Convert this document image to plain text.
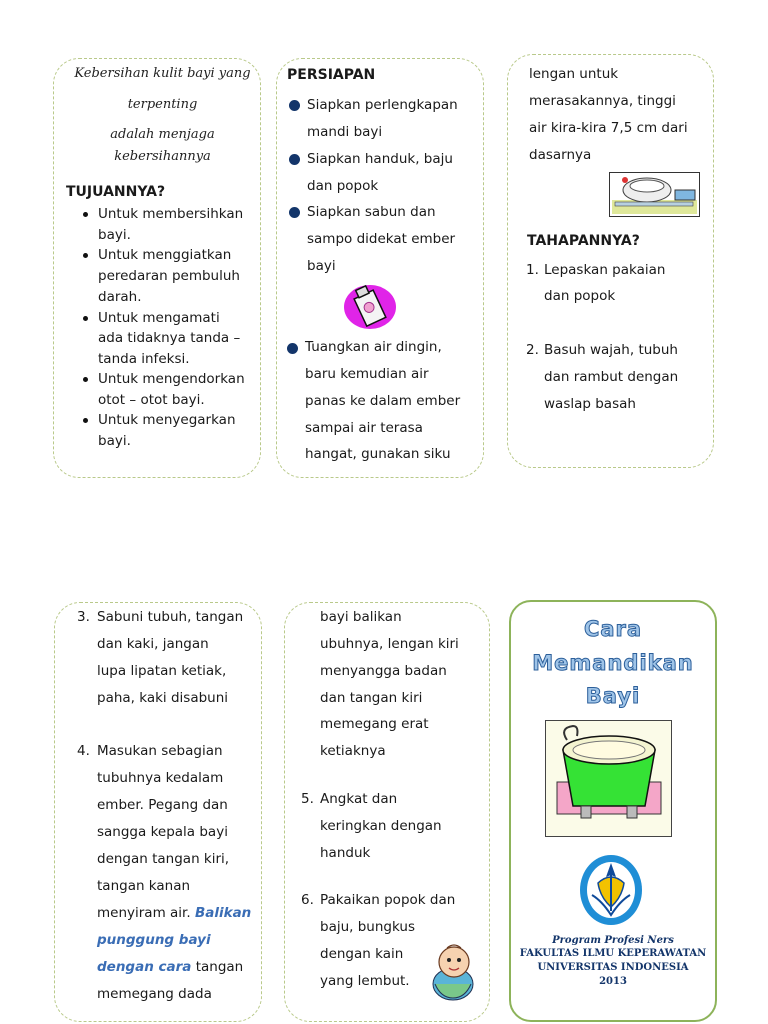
Kebersihan kulit bayi yang
terpenting
adalah menjaga
kebersihannya
TUJUANNYA?
Untuk membersihkan
bayi.
Untuk menggiatkan
peredaran pembuluh
darah.
Untuk mengamati
ada tidaknya tanda –
tanda infeksi.
Untuk mengendorkan
otot – otot bayi.
Untuk menyegarkan
bayi.
PERSIAPAN
Siapkan perlengkapan
mandi bayi
Siapkan handuk, baju
dan popok
Siapkan sabun dan
sampo didekat ember
bayi
Tuangkan air dingin,
baru kemudian air
panas ke dalam ember
sampai air terasa
hangat, gunakan siku
lengan untuk
merasakannya, tinggi
air kira-kira 7,5 cm dari
dasarnya
TAHAPANNYA?
1. Lepaskan pakaian
dan popok
2. Basuh wajah, tubuh
dan rambut dengan
waslap basah
3. Sabuni tubuh, tangan
dan kaki, jangan
lupa lipatan ketiak,
paha, kaki disabuni
4. Masukan sebagian
tubuhnya kedalam
ember. Pegang dan
sangga kepala bayi
dengan tangan kiri,
tangan kanan
menyiram air. Balikan
punggung bayi
dengan cara tangan
memegang dada
bayi balikan
ubuhnya, lengan kiri
menyangga badan
dan tangan kiri
memegang erat
ketiaknya
5. Angkat dan
keringkan dengan
handuk
6. Pakaikan popok dan
baju, bungkus
dengan kain
yang lembut.
Cara
Memandikan
Bayi
Program Profesi Ners
FAKULTAS ILMU KEPERAWATAN
UNIVERSITAS INDONESIA
2013
